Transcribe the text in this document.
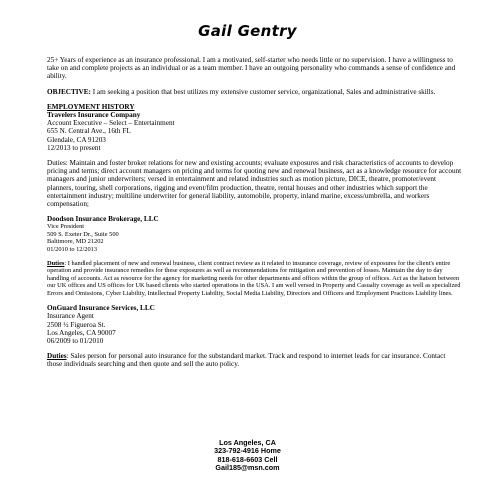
Gail Gentry

25+ Years of experience as an insurance professional. I am a motivated, self-starter who needs little or no supervision. I have a willingness to take on and complete projects as an individual or as a team member. I have an outgoing personality who commands a sense of confidence and ability.

OBJECTIVE: I am seeking a position that best utilizes my extensive customer service, organizational, Sales and administrative skills.

EMPLOYMENT HISTORY

Travelers Insurance Company

Account Executive – Select – Entertainment

655 N. Central Ave., 16th FL

Glendale, CA 91203

12/2013 to present

Duties: Maintain and foster broker relations for new and existing accounts; evaluate exposures and risk characteristics of accounts to develop pricing and terms; direct account managers on pricing and terms for quoting new and renewal business, act as a knowledge resource for account managers and junior underwriters; versed in entertainment and related industries such as motion picture, DICE, theatre, promoter/event planners, touring, shell corporations, rigging and event/film production, theatre, rental houses and other industries which support the entertainment industry; multiline underwriter for general liability, automobile, property, inland marine, excess/umbrella, and workers compensation;

Doodson Insurance Brokerage, LLC

Vice President

509 S. Exeter Dr., Suite 500

Baltimore, MD 21202

01/2010 to 12/2013

Duties: I handled placement of new and renewal business, client contract review as it related to insurance coverage, review of exposures for the client's entire operation and provide insurance remedies for these exposures as well as recommendations for mitigation and prevention of losses. Maintain the day to day handling of accounts. Act as resource for the agency for marketing needs for other departments and offices within the group of offices. Act as the liaison between our UK offices and US offices for UK based clients who started operations in the USA. I am well versed in Property and Casualty coverage as well as specialized Errors and Omissions, Cyber Liability, Intellectual Property Liability, Social Media Liability, Directors and Officers and Employment Practices Liability lines.

OnGuard Insurance Services, LLC

Insurance Agent

2508 ½ Figueroa St.

Los Angeles, CA 90007

06/2009 to 01/2010

Duties: Sales person for personal auto insurance for the substandard market. Track and respond to internet leads for car insurance. Contact those individuals searching and then quote and sell the auto policy.

Los Angeles, CA
323-792-4916 Home
818-618-6603 Cell
Gail185@msn.com
